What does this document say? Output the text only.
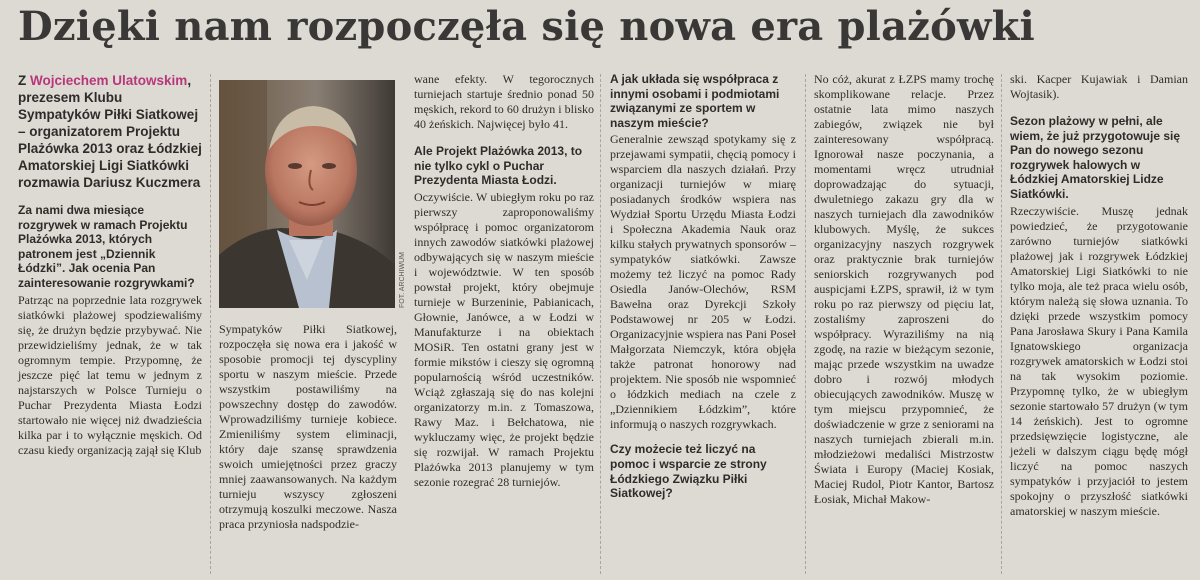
Dzięki nam rozpoczęła się nowa era plażówki

Z Wojciechem Ulatowskim, prezesem Klubu Sympatyków Piłki Siatkowej – organizatorem Projektu Plażówka 2013 oraz Łódzkiej Amatorskiej Ligi Siatkówki rozmawia Dariusz Kuczmera

Za nami dwa miesiące rozgrywek w ramach Projektu Plażówka 2013, których patronem jest „Dziennik Łódzki”. Jak ocenia Pan zainteresowanie rozgrywkami?

Patrząc na poprzednie lata rozgrywek siatkówki plażowej spodziewaliśmy się, że drużyn będzie przybywać. Nie przewidzieliśmy jednak, że w tak ogromnym tempie. Przypomnę, że jeszcze pięć lat temu w jednym z najstarszych w Polsce Turnieju o Puchar Prezydenta Miasta Łodzi startowało nie więcej niż dwadzieścia kilka par i to wyłącznie męskich. Od czasu kiedy organizacją zajął się Klub

FOT. ARCHIWUM

Sympatyków Piłki Siatkowej, rozpoczęła się nowa era i jakość w sposobie promocji tej dyscypliny sportu w naszym mieście. Przede wszystkim postawiliśmy na powszechny dostęp do zawodów. Wprowadziliśmy turnieje kobiece. Zmieniliśmy system eliminacji, który daje szansę sprawdzenia swoich umiejętności przez graczy mniej zaawansowanych. Na każdym turnieju wszyscy zgłoszeni otrzymują koszulki meczowe. Nasza praca przyniosła nadspodzie-

wane efekty. W tegorocznych turniejach startuje średnio ponad 50 męskich, rekord to 60 drużyn i blisko 40 żeńskich. Najwięcej było 41.

Ale Projekt Plażówka 2013, to nie tylko cykl o Puchar Prezydenta Miasta Łodzi.

Oczywiście. W ubiegłym roku po raz pierwszy zaproponowaliśmy współpracę i pomoc organizatorom innych zawodów siatkówki plażowej odbywających się w naszym mieście i województwie. W ten sposób powstał projekt, który obejmuje turnieje w Burzeninie, Pabianicach, Głownie, Janówce, a w Łodzi w Manufakturze i na obiektach MOSiR. Ten ostatni grany jest w formie mikstów i cieszy się ogromną popularnością wśród uczestników. Wciąż zgłaszają się do nas kolejni organizatorzy m.in. z Tomaszowa, Rawy Maz. i Bełchatowa, nie wykluczamy więc, że projekt będzie się rozwijał. W ramach Projektu Plażówka 2013 planujemy w tym sezonie rozegrać 28 turniejów.

A jak układa się współpraca z innymi osobami i podmiotami związanymi ze sportem w naszym mieście?

Generalnie zewsząd spotykamy się z przejawami sympatii, chęcią pomocy i wsparciem dla naszych działań. Przy organizacji turniejów w miarę posiadanych środków wspiera nas Wydział Sportu Urzędu Miasta Łodzi i Społeczna Akademia Nauk oraz kilku stałych prywatnych sponsorów – sympatyków siatkówki. Zawsze możemy też liczyć na pomoc Rady Osiedla Janów-Olechów, RSM Bawełna oraz Dyrekcji Szkoły Podstawowej nr 205 w Łodzi. Organizacyjnie wspiera nas Pani Poseł Małgorzata Niemczyk, która objęła także patronat honorowy nad projektem. Nie sposób nie wspomnieć o łódzkich mediach na czele z „Dziennikiem Łódzkim”, które informują o naszych rozgrywkach.

Czy możecie też liczyć na pomoc i wsparcie ze strony Łódzkiego Związku Piłki Siatkowej?

No cóż, akurat z ŁZPS mamy trochę skomplikowane relacje. Przez ostatnie lata mimo naszych zabiegów, związek nie był zainteresowany współpracą. Ignorował nasze poczynania, a momentami wręcz utrudniał doprowadzając do sytuacji, dwuletniego zakazu gry dla w naszych turniejach dla zawodników klubowych. Myślę, że sukces organizacyjny naszych rozgrywek oraz praktycznie brak turniejów seniorskich rozgrywanych pod auspicjami ŁZPS, sprawił, iż w tym roku po raz pierwszy od pięciu lat, zostaliśmy zaproszeni do współpracy. Wyraziliśmy na nią zgodę, na razie w bieżącym sezonie, mając przede wszystkim na uwadze dobro i rozwój młodych obiecujących zawodników. Muszę w tym miejscu przypomnieć, że doświadczenie w grze z seniorami na naszych turniejach zbierali m.in. młodzieżowi medaliści Mistrzostw Świata i Europy (Maciej Kosiak, Maciej Rudol, Piotr Kantor, Bartosz Łosiak, Michał Makow-

ski. Kacper Kujawiak i Damian Wojtasik).

Sezon plażowy w pełni, ale wiem, że już przygotowuje się Pan do nowego sezonu rozgrywek halowych w Łódzkiej Amatorskiej Lidze Siatkówki.

Rzeczywiście. Muszę jednak powiedzieć, że przygotowanie zarówno turniejów siatkówki plażowej jak i rozgrywek Łódzkiej Amatorskiej Ligi Siatkówki to nie tylko moja, ale też praca wielu osób, którym należą się słowa uznania. To dzięki przede wszystkim pomocy Pana Jarosława Skury i Pana Kamila Ignatowskiego organizacja rozgrywek amatorskich w Łodzi stoi na tak wysokim poziomie. Przypomnę tylko, że w ubiegłym sezonie startowało 57 drużyn (w tym 14 żeńskich). Jest to ogromne przedsięwzięcie logistyczne, ale jeżeli w dalszym ciągu będę mógł liczyć na pomoc naszych sympatyków i przyjaciół to jestem spokojny o przyszłość siatkówki amatorskiej w naszym mieście.
